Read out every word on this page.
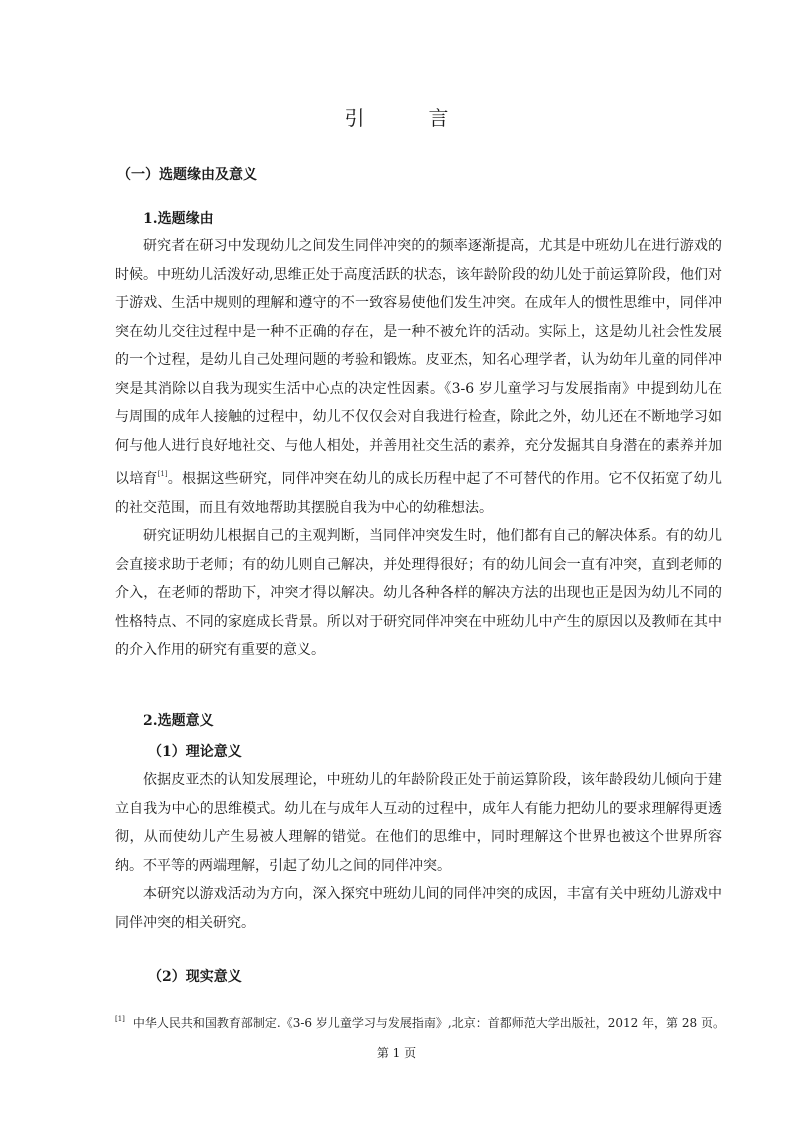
引　言
（一）选题缘由及意义
1.选题缘由

研究者在研习中发现幼儿之间发生同伴冲突的的频率逐渐提高，尤其是中班幼儿在进行游戏的时候。中班幼儿活泼好动,思维正处于高度活跃的状态，该年龄阶段的幼儿处于前运算阶段，他们对于游戏、生活中规则的理解和遵守的不一致容易使他们发生冲突。在成年人的惯性思维中，同伴冲突在幼儿交往过程中是一种不正确的存在，是一种不被允许的活动。实际上，这是幼儿社会性发展的一个过程，是幼儿自己处理问题的考验和锻炼。皮亚杰，知名心理学者，认为幼年儿童的同伴冲突是其消除以自我为现实生活中心点的决定性因素。《3-6 岁儿童学习与发展指南》中提到幼儿在与周围的成年人接触的过程中，幼儿不仅仅会对自我进行检查，除此之外，幼儿还在不断地学习如何与他人进行良好地社交、与他人相处，并善用社交生活的素养，充分发掘其自身潜在的素养并加以培育[1]。根据这些研究，同伴冲突在幼儿的成长历程中起了不可替代的作用。它不仅拓宽了幼儿的社交范围，而且有效地帮助其摆脱自我为中心的幼稚想法。

研究证明幼儿根据自己的主观判断，当同伴冲突发生时，他们都有自己的解决体系。有的幼儿会直接求助于老师；有的幼儿则自己解决，并处理得很好；有的幼儿间会一直有冲突，直到老师的介入，在老师的帮助下，冲突才得以解决。幼儿各种各样的解决方法的出现也正是因为幼儿不同的性格特点、不同的家庭成长背景。所以对于研究同伴冲突在中班幼儿中产生的原因以及教师在其中的介入作用的研究有重要的意义。

2.选题意义
（1）理论意义

依据皮亚杰的认知发展理论，中班幼儿的年龄阶段正处于前运算阶段，该年龄段幼儿倾向于建立自我为中心的思维模式。幼儿在与成年人互动的过程中，成年人有能力把幼儿的要求理解得更透彻，从而使幼儿产生易被人理解的错觉。在他们的思维中，同时理解这个世界也被这个世界所容纳。不平等的两端理解，引起了幼儿之间的同伴冲突。

本研究以游戏活动为方向，深入探究中班幼儿间的同伴冲突的成因，丰富有关中班幼儿游戏中同伴冲突的相关研究。

（2）现实意义
[1] 中华人民共和国教育部制定.《3-6 岁儿童学习与发展指南》,北京：首都师范大学出版社，2012 年，第 28 页。
第 1 页
